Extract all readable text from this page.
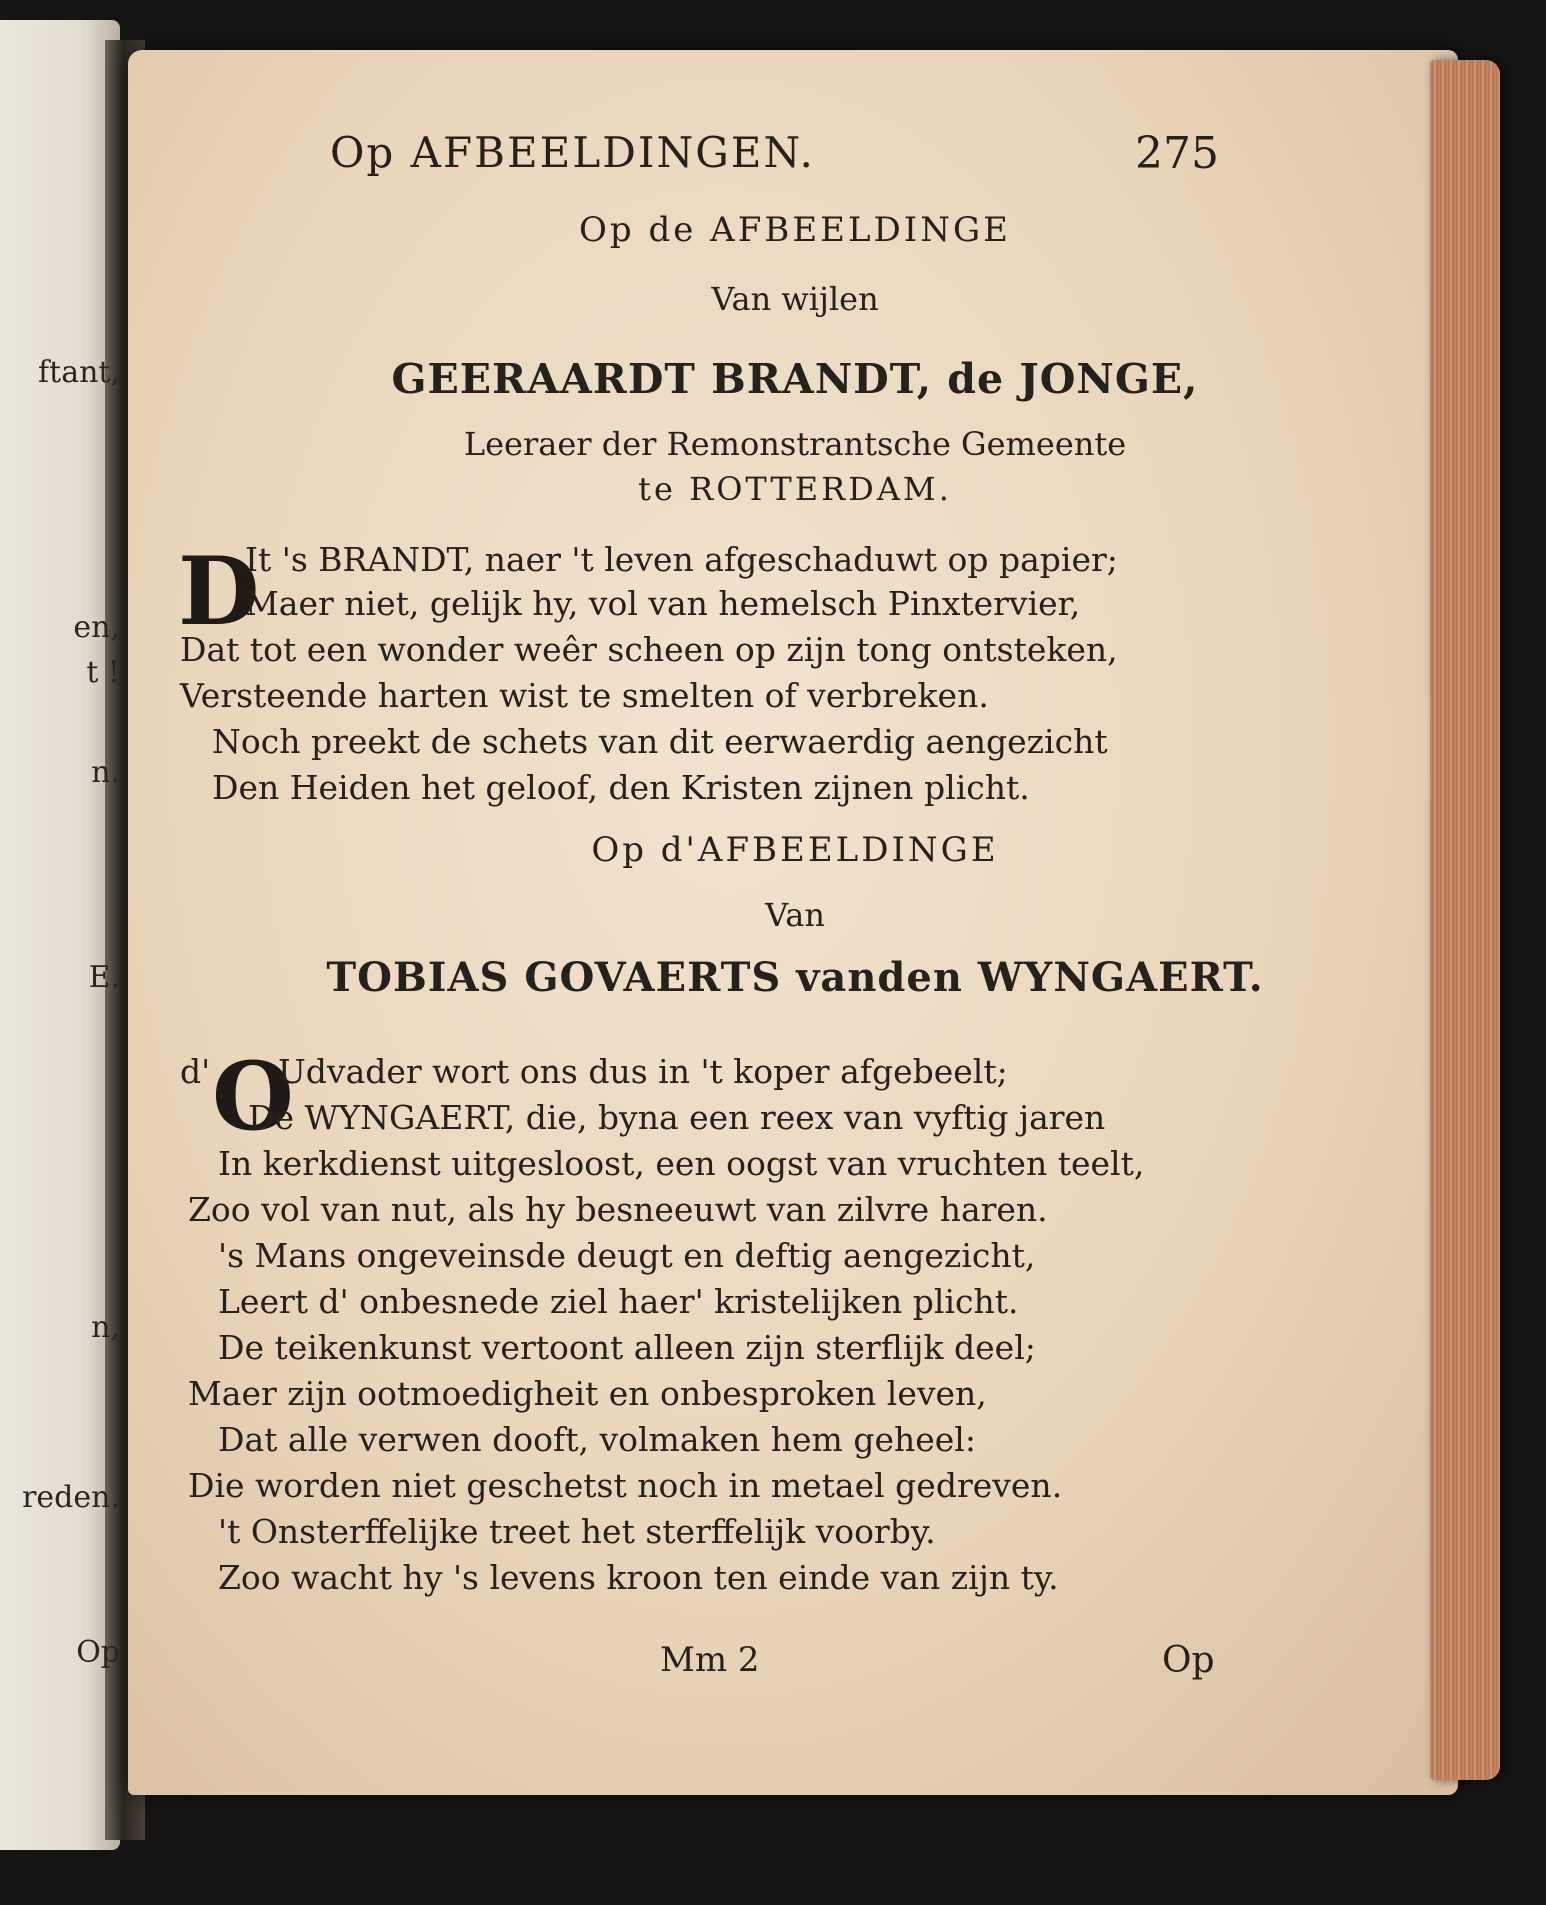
ftant,
en,
t !
n.
E.
n,
reden.
Op

Op AFBEELDINGEN.	275
Op de AFBEELDINGE
Van wijlen
GEERAARDT BRANDT, de JONGE,
Leeraer der Remonstrantsche Gemeente
te ROTTERDAM.
D
It 's BRANDT, naer 't leven afgeschaduwt op papier;
Maer niet, gelijk hy, vol van hemelsch Pinxtervier,
Dat tot een wonder weêr scheen op zijn tong ontsteken,
Versteende harten wist te smelten of verbreken.
Noch preekt de schets van dit eerwaerdig aengezicht
Den Heiden het geloof, den Kristen zijnen plicht.
Op d'AFBEELDINGE
Van
TOBIAS GOVAERTS vanden WYNGAERT.
d' O
Udvader wort ons dus in 't koper afgebeelt;
De WYNGAERT, die, byna een reex van vyftig jaren
In kerkdienst uitgesloost, een oogst van vruchten teelt,
Zoo vol van nut, als hy besneeuwt van zilvre haren.
's Mans ongeveinsde deugt en deftig aengezicht,
Leert d' onbesnede ziel haer' kristelijken plicht.
De teikenkunst vertoont alleen zijn sterflijk deel;
Maer zijn ootmoedigheit en onbesproken leven,
Dat alle verwen dooft, volmaken hem geheel:
Die worden niet geschetst noch in metael gedreven.
't Onsterffelijke treet het sterffelijk voorby.
Zoo wacht hy 's levens kroon ten einde van zijn ty.
Mm 2	Op
